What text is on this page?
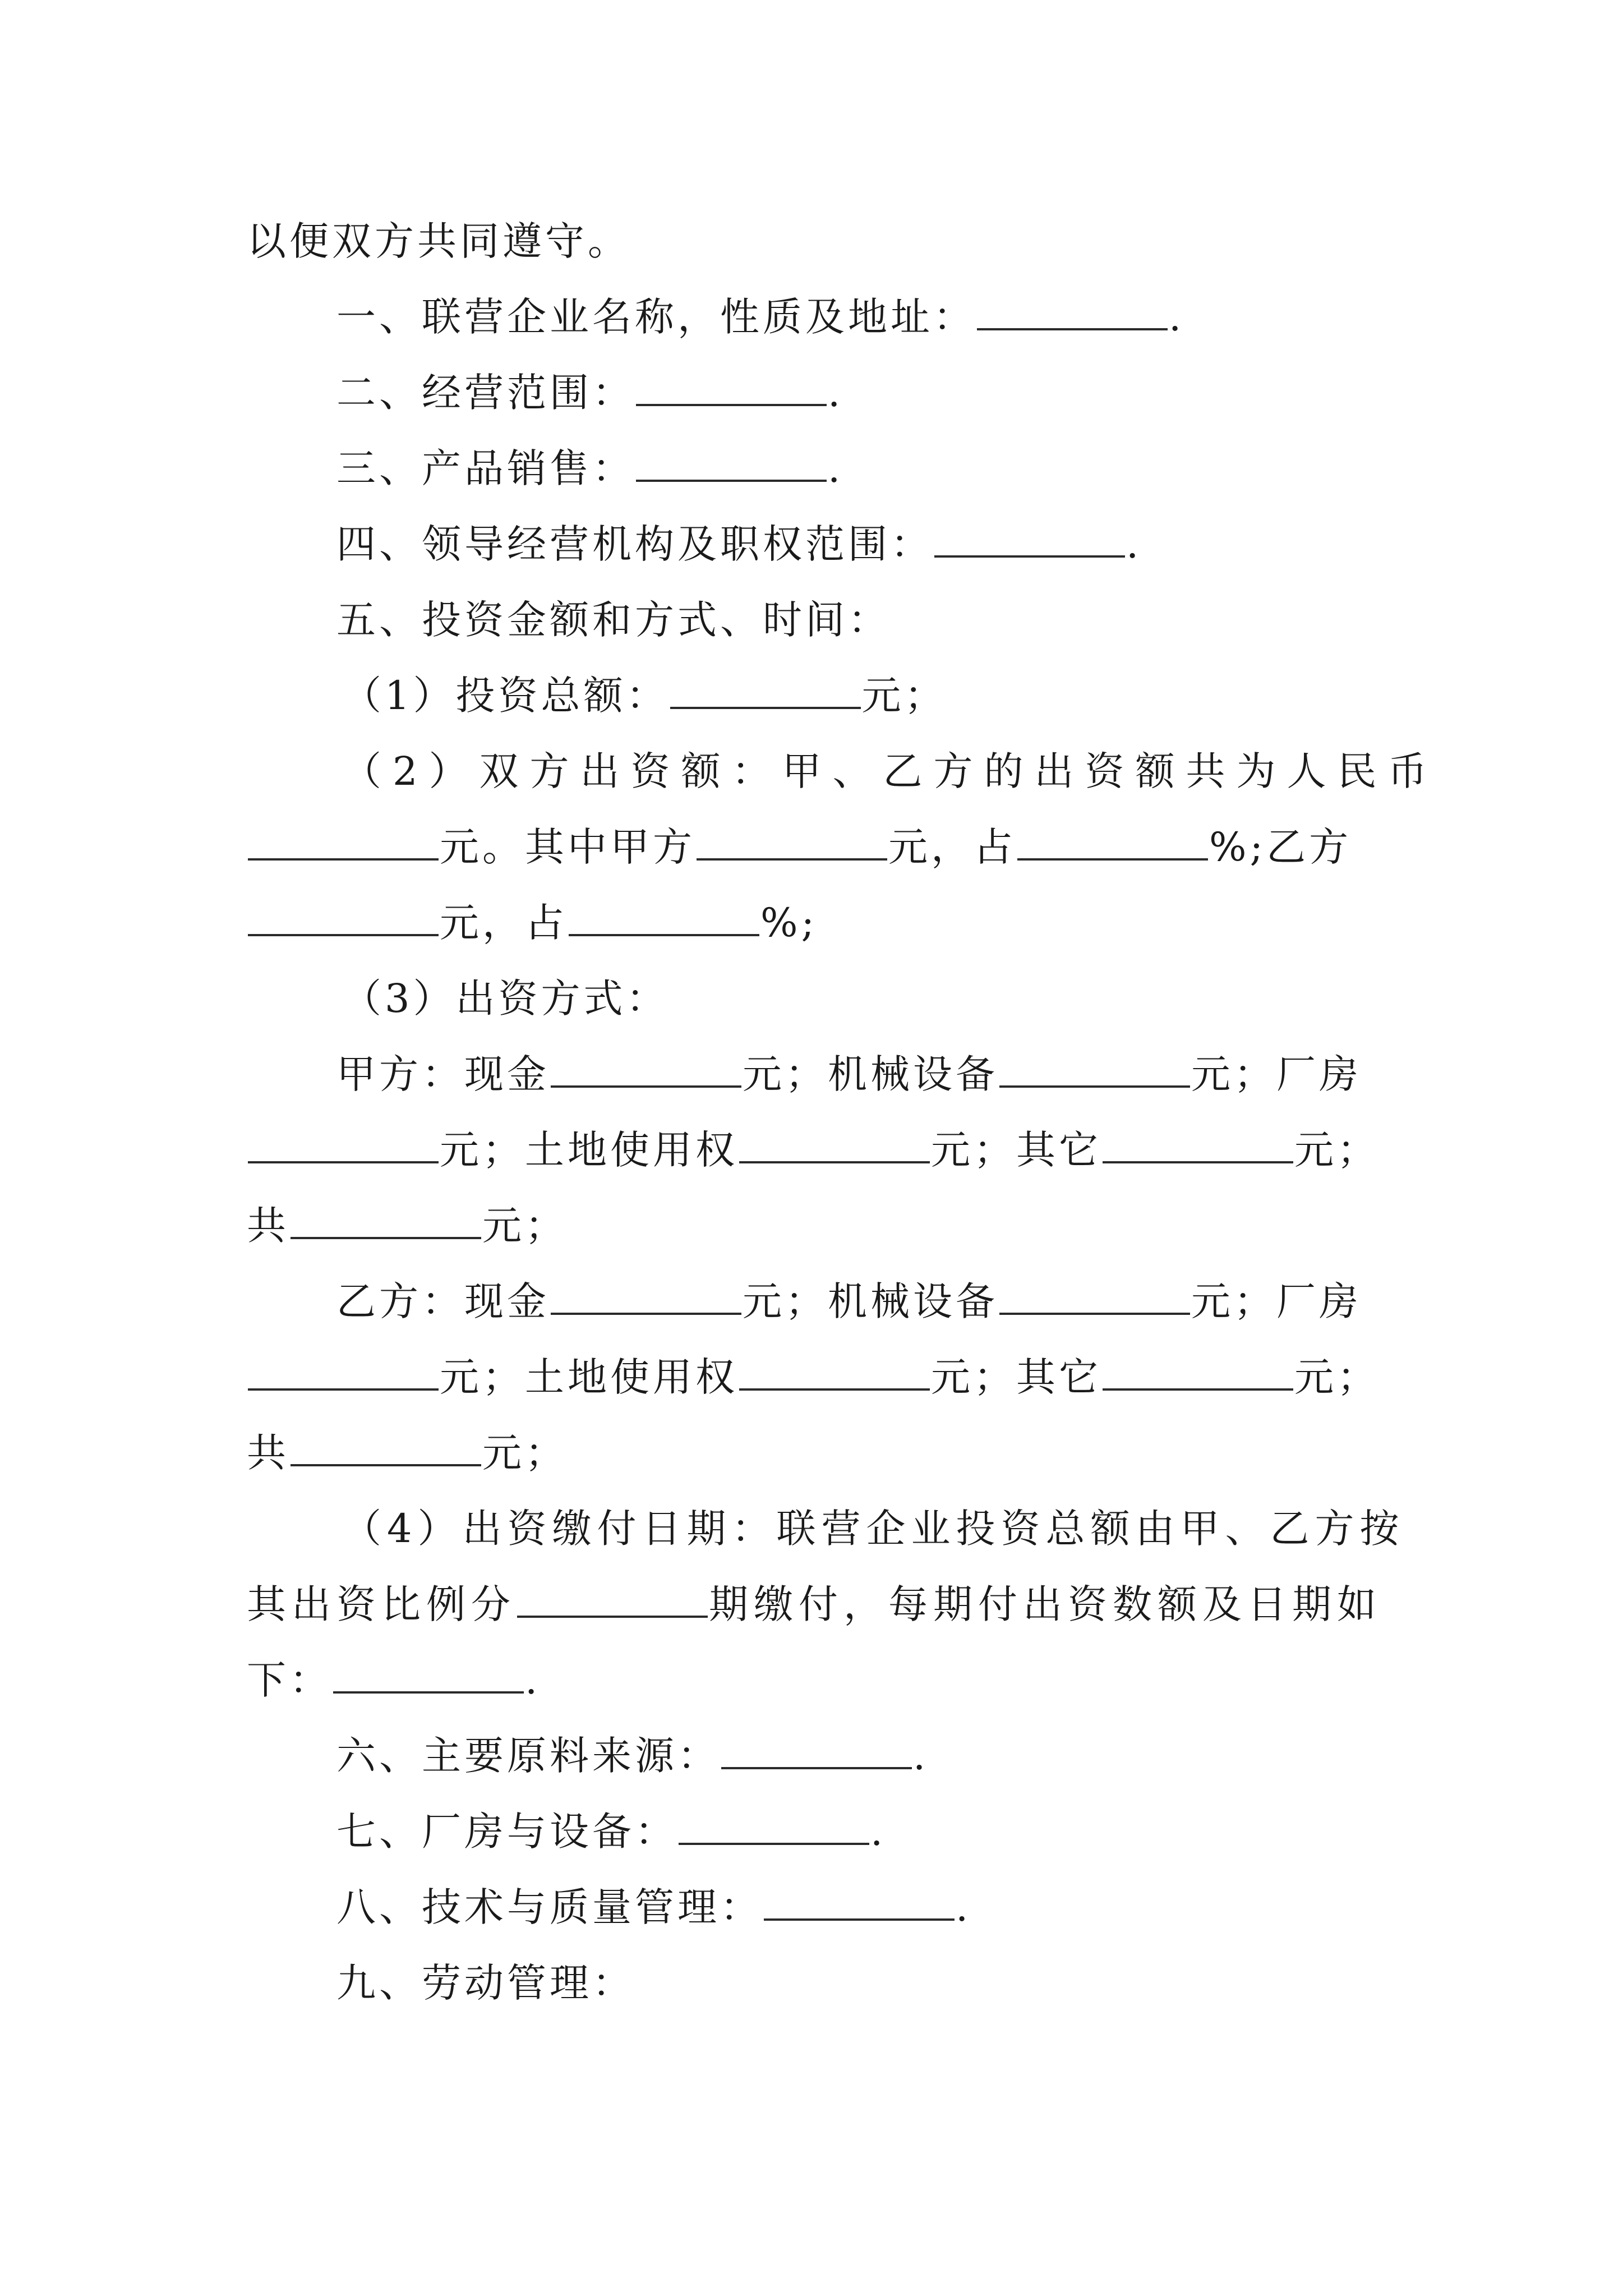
以便双方共同遵守。
一、联营企业名称，性质及地址：	.
二、经营范围：	.
三、产品销售：	.
四、领导经营机构及职权范围：	.
五、投资金额和方式、时间：
（1）投资总额：	元；
（2）双方出资额：甲、乙方的出资额共为人民币
元。其中甲方	元，占	%;乙方
元，占	%;
（3）出资方式：
甲方：现金	元；机械设备	元；厂房
元；土地使用权	元；其它	元；
共	元；
乙方：现金	元；机械设备	元；厂房
元；土地使用权	元；其它	元；
共	元；
（4）出资缴付日期：联营企业投资总额由甲、乙方按
其出资比例分	期缴付，每期付出资数额及日期如
下：	.
六、主要原料来源：	.
七、厂房与设备：	.
八、技术与质量管理：	.
九、劳动管理：
